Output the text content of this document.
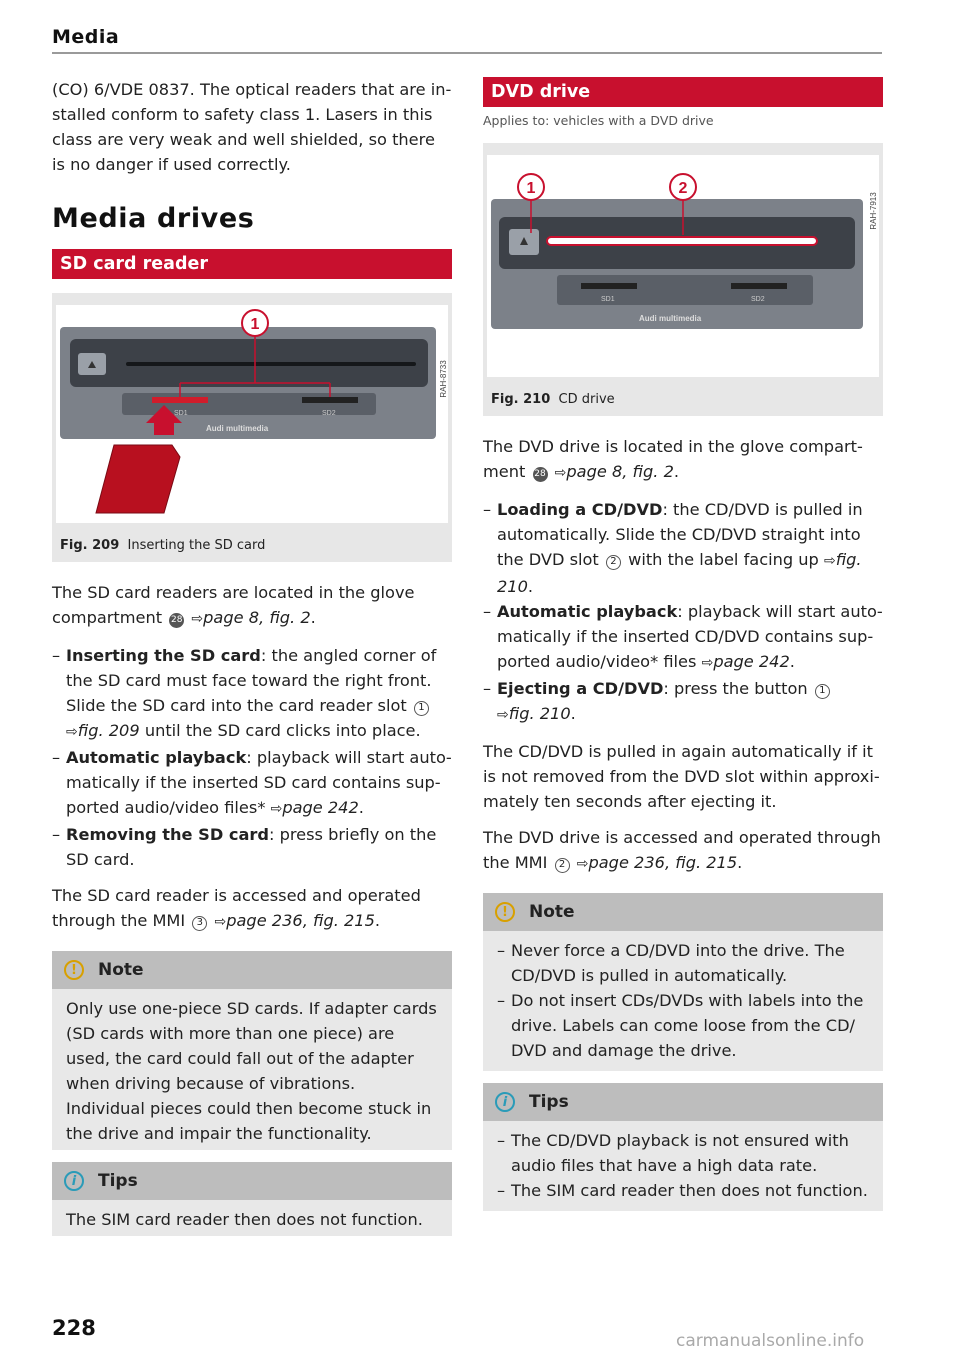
Media

(CO) 6/VDE 0837. The optical readers that are installed conform to safety class 1. Lasers in this class are very weak and well shielded, so there is no danger if used correctly.

Media drives

SD card reader
SD1	SD2
Audi multimedia
1
RAH-8733
Fig. 209 Inserting the SD card

The SD card readers are located in the glove compartment 28 ⇨page 8, fig. 2.

– Inserting the SD card: the angled corner of the SD card must face toward the right front. Slide the SD card into the card reader slot 1
⇨fig. 209 until the SD card clicks into place.
– Automatic playback: playback will start automatically if the inserted SD card contains supported audio/video files* ⇨page 242.
– Removing the SD card: press briefly on the SD card.

The SD card reader is accessed and operated through the MMI 3 ⇨page 236, fig. 215.

!	Note
Only use one-piece SD cards. If adapter cards (SD cards with more than one piece) are used, the card could fall out of the adapter when driving because of vibrations. Individual pieces could then become stuck in the drive and impair the functionality.
i	Tips
The SIM card reader then does not function.
DVD drive
Applies to: vehicles with a DVD drive
SD1	SD2
Audi multimedia
1	2
RAH-7913
Fig. 210 CD drive

The DVD drive is located in the glove compartment 28 ⇨page 8, fig. 2.

– Loading a CD/DVD: the CD/DVD is pulled in automatically. Slide the CD/DVD straight into the DVD slot 2 with the label facing up ⇨fig. 210.
– Automatic playback: playback will start automatically if the inserted CD/DVD contains supported audio/video* files ⇨page 242.
– Ejecting a CD/DVD: press the button 1
⇨fig. 210.

The CD/DVD is pulled in again automatically if it is not removed from the DVD slot within approximately ten seconds after ejecting it.

The DVD drive is accessed and operated through the MMI 2 ⇨page 236, fig. 215.

!	Note
– Never force a CD/DVD into the drive. The CD/DVD is pulled in automatically.
– Do not insert CDs/DVDs with labels into the drive. Labels can come loose from the CD/ DVD and damage the drive.
i	Tips
– The CD/DVD playback is not ensured with audio files that have a high data rate.
– The SIM card reader then does not function.
228
carmanualsonline.info
